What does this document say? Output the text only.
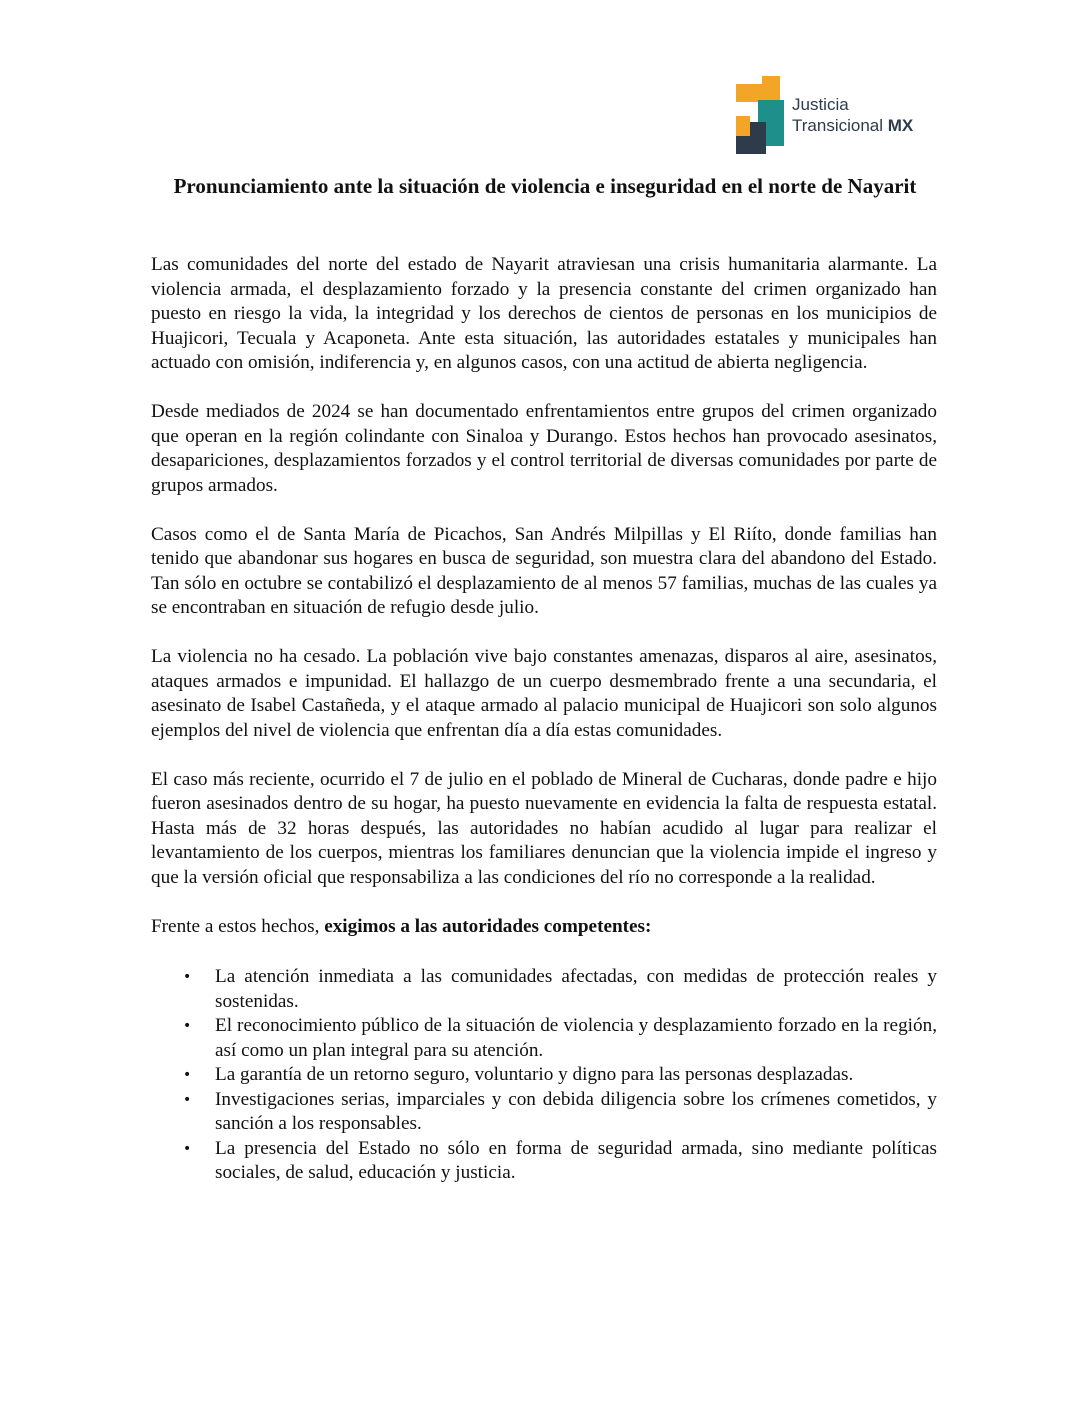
Justicia
Transicional MX
Pronunciamiento ante la situación de violencia e inseguridad en el norte de Nayarit

Las comunidades del norte del estado de Nayarit atraviesan una crisis humanitaria alarmante. La violencia armada, el desplazamiento forzado y la presencia constante del crimen organizado han puesto en riesgo la vida, la integridad y los derechos de cientos de personas en los municipios de Huajicori, Tecuala y Acaponeta. Ante esta situación, las autoridades estatales y municipales han actuado con omisión, indiferencia y, en algunos casos, con una actitud de abierta negligencia.

Desde mediados de 2024 se han documentado enfrentamientos entre grupos del crimen organizado que operan en la región colindante con Sinaloa y Durango. Estos hechos han provocado asesinatos, desapariciones, desplazamientos forzados y el control territorial de diversas comunidades por parte de grupos armados.

Casos como el de Santa María de Picachos, San Andrés Milpillas y El Riíto, donde familias han tenido que abandonar sus hogares en busca de seguridad, son muestra clara del abandono del Estado. Tan sólo en octubre se contabilizó el desplazamiento de al menos 57 familias, muchas de las cuales ya se encontraban en situación de refugio desde julio.

La violencia no ha cesado. La población vive bajo constantes amenazas, disparos al aire, asesinatos, ataques armados e impunidad. El hallazgo de un cuerpo desmembrado frente a una secundaria, el asesinato de Isabel Castañeda, y el ataque armado al palacio municipal de Huajicori son solo algunos ejemplos del nivel de violencia que enfrentan día a día estas comunidades.

El caso más reciente, ocurrido el 7 de julio en el poblado de Mineral de Cucharas, donde padre e hijo fueron asesinados dentro de su hogar, ha puesto nuevamente en evidencia la falta de respuesta estatal. Hasta más de 32 horas después, las autoridades no habían acudido al lugar para realizar el levantamiento de los cuerpos, mientras los familiares denuncian que la violencia impide el ingreso y que la versión oficial que responsabiliza a las condiciones del río no corresponde a la realidad.

Frente a estos hechos, exigimos a las autoridades competentes:

• La atención inmediata a las comunidades afectadas, con medidas de protección reales y sostenidas.
• El reconocimiento público de la situación de violencia y desplazamiento forzado en la región, así como un plan integral para su atención.
• La garantía de un retorno seguro, voluntario y digno para las personas desplazadas.
• Investigaciones serias, imparciales y con debida diligencia sobre los crímenes cometidos, y sanción a los responsables.
• La presencia del Estado no sólo en forma de seguridad armada, sino mediante políticas sociales, de salud, educación y justicia.
